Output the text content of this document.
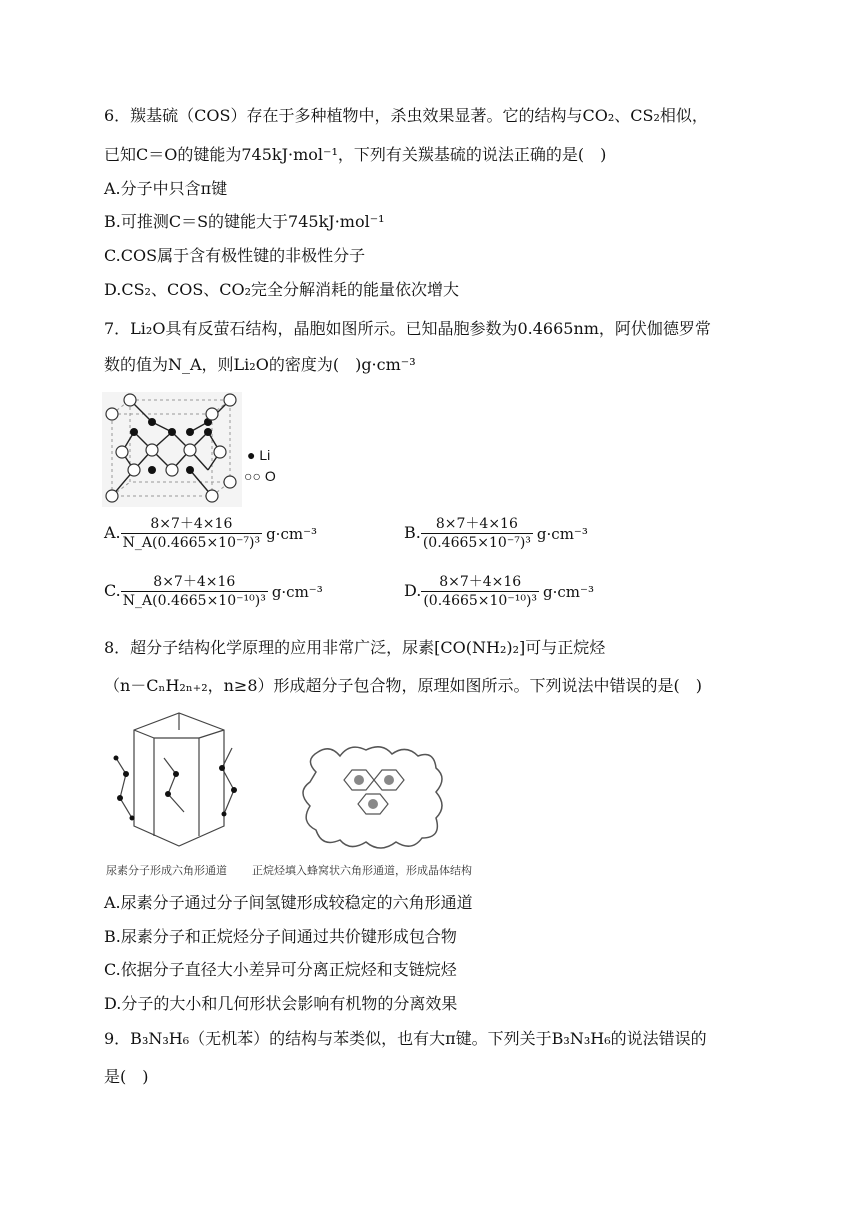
6．羰基硫（COS）存在于多种植物中，杀虫效果显著。它的结构与CO₂、CS₂相似，
已知C＝O的键能为745kJ·mol⁻¹，下列有关羰基硫的说法正确的是(　)
A.分子中只含π键
B.可推测C＝S的键能大于745kJ·mol⁻¹
C.COS属于含有极性键的非极性分子
D.CS₂、COS、CO₂完全分解消耗的能量依次增大
7．Li₂O具有反萤石结构，晶胞如图所示。已知晶胞参数为0.4665nm，阿伏伽德罗常
数的值为N_A，则Li₂O的密度为(　)g·cm⁻³
● Li
○○ O
A. $\frac{8\times 7+4\times 16}{\text{N\_A(0.4665×10⁻⁷)³}} g\cdot cm^{-3}$	B. $\frac{8\times 7+4\times 16}{\text{(0.4665×10⁻⁷)³}} g\cdot cm^{-3}$
C. $\frac{8\times 7+4\times 16}{\text{N\_A(0.4665×10⁻¹⁰)³}} g\cdot cm^{-3}$	D. $\frac{8\times 7+4\times 16}{\text{(0.4665×10⁻¹⁰)³}} g\cdot cm^{-3}$
8．超分子结构化学原理的应用非常广泛，尿素[CO(NH₂)₂]可与正烷烃
（n－CₙH₂ₙ₊₂，n≥8）形成超分子包合物，原理如图所示。下列说法中错误的是(　)
尿素分子形成六角形通道 正烷烃填入蜂窝状六角形通道，形成晶体结构
A.尿素分子通过分子间氢键形成较稳定的六角形通道
B.尿素分子和正烷烃分子间通过共价键形成包合物
C.依据分子直径大小差异可分离正烷烃和支链烷烃
D.分子的大小和几何形状会影响有机物的分离效果
9．B₃N₃H₆（无机苯）的结构与苯类似，也有大π键。下列关于B₃N₃H₆的说法错误的
是(　)
